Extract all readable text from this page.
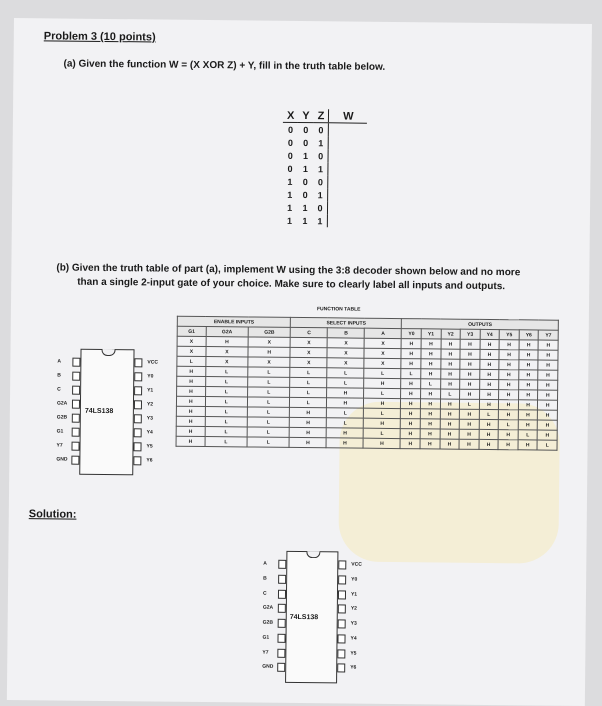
Problem 3 (10 points)
(a) Given the function W = (X XOR Z) + Y, fill in the truth table below.
X	Y	Z	W
0	0	0	
0	0	1	
0	1	0	
0	1	1	
1	0	0	
1	0	1	
1	1	0	
1	1	1	
(b) Given the truth table of part (a), implement W using the 3:8 decoder shown below and no more
than a single 2-input gate of your choice. Make sure to clearly label all inputs and outputs.
74LS138
A
B
C
G2A
G2B
G1
Y7
GND
VCC
Y0
Y1
Y2
Y3
Y4
Y5
Y6
FUNCTION TABLE
ENABLE INPUTS			SELECT INPUTS			OUTPUTS							
G1	G2A	G2B	C	B	A	Y0	Y1	Y2	Y3	Y4	Y5	Y6	Y7
X	H	X	X	X	X	H	H	H	H	H	H	H	H
X	X	H	X	X	X	H	H	H	H	H	H	H	H
L	X	X	X	X	X	H	H	H	H	H	H	H	H
H	L	L	L	L	L	L	H	H	H	H	H	H	H
H	L	L	L	L	H	H	L	H	H	H	H	H	H
H	L	L	L	H	L	H	H	L	H	H	H	H	H
H	L	L	L	H	H	H	H	H	L	H	H	H	H
H	L	L	H	L	L	H	H	H	H	L	H	H	H
H	L	L	H	L	H	H	H	H	H	H	L	H	H
H	L	L	H	H	L	H	H	H	H	H	H	L	H
H	L	L	H	H	H	H	H	H	H	H	H	H	L
Solution:
74LS138
A
B
C
G2A
G2B
G1
Y7
GND
VCC
Y0
Y1
Y2
Y3
Y4
Y5
Y6
